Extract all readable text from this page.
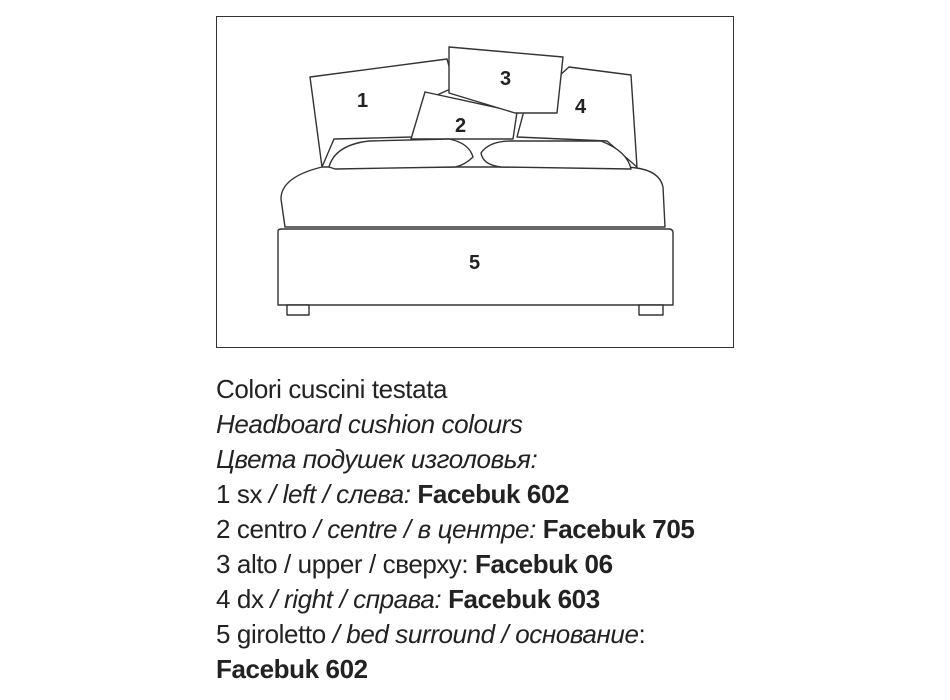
1
2
3
4
5
Colori cuscini testata
Headboard cushion colours
Цвета подушек изголовья:
1 sx / left / слева: Facebuk 602
2 centro / centre / в центре: Facebuk 705
3 alto / upper / сверху: Facebuk 06
4 dx / right / справа: Facebuk 603
5 giroletto / bed surround / основание:
Facebuk 602
